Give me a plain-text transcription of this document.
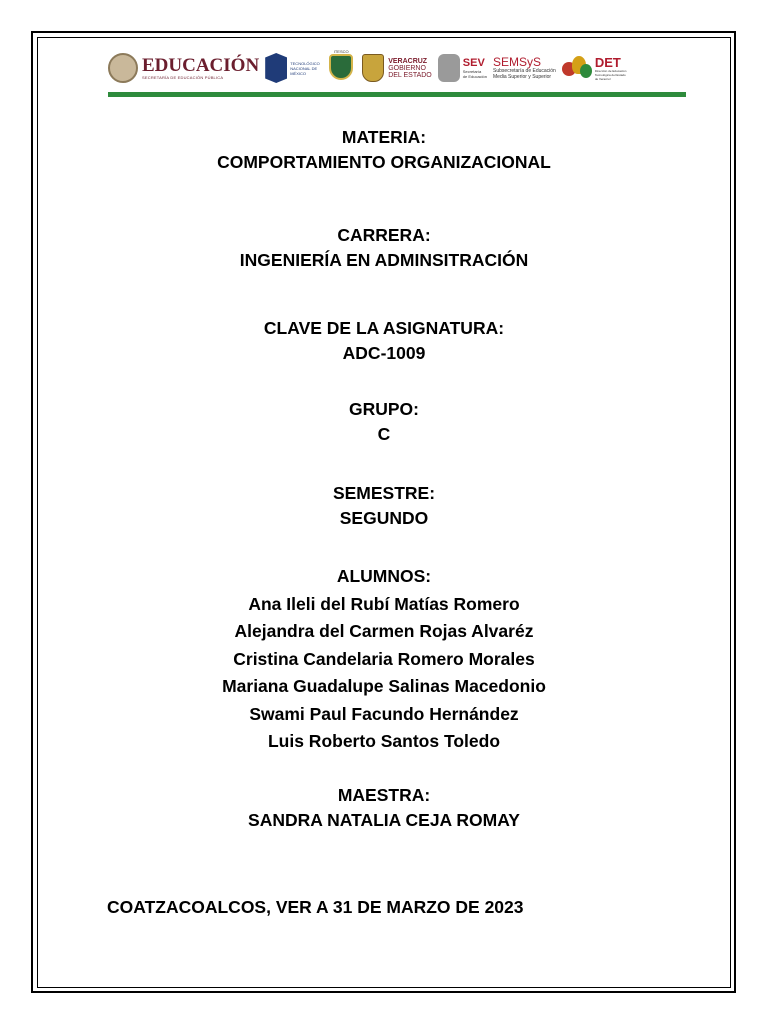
EDUCACIÓN
SECRETARÍA DE EDUCACIÓN PÚBLICA
TECNOLÓGICO NACIONAL DE MÉXICO
ITESCO
VERACRUZ
GOBIERNO
DEL ESTADO
SEV
Secretaría
de Educación
SEMSyS
Subsecretaría de Educación
Media Superior y Superior
DET
Dirección de Educación Tecnológica del Estado de Veracruz
MATERIA:
COMPORTAMIENTO ORGANIZACIONAL
CARRERA:
INGENIERÍA EN ADMINSITRACIÓN
CLAVE DE LA ASIGNATURA:
ADC-1009
GRUPO:
C
SEMESTRE:
SEGUNDO
ALUMNOS:
Ana Ileli del Rubí Matías Romero
Alejandra del Carmen Rojas Alvaréz
Cristina Candelaria Romero Morales
Mariana Guadalupe Salinas Macedonio
Swami Paul Facundo Hernández
Luis Roberto Santos Toledo
MAESTRA:
SANDRA NATALIA CEJA ROMAY
COATZACOALCOS, VER A 31 DE MARZO DE 2023
